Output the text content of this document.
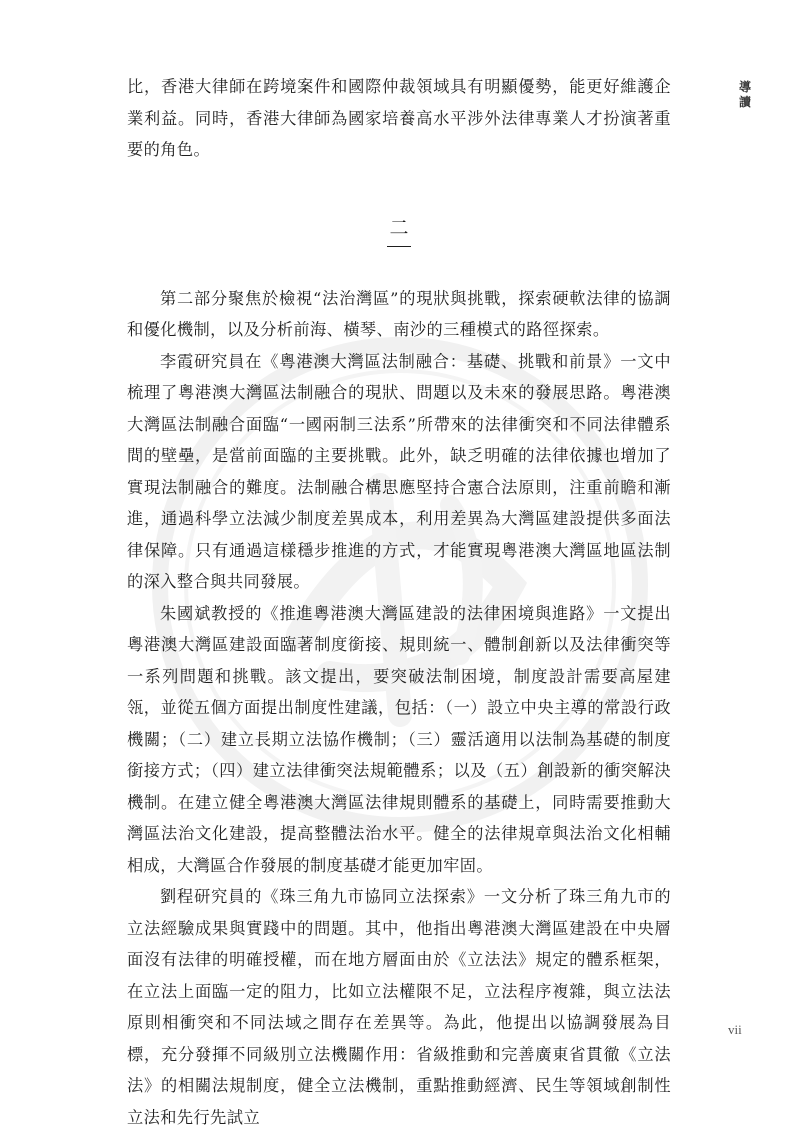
導讀

比，香港大律師在跨境案件和國際仲裁領域具有明顯優勢，能更好維護企業利益。同時，香港大律師為國家培養高水平涉外法律專業人才扮演著重要的角色。

二

第二部分聚焦於檢視“法治灣區”的現狀與挑戰，探索硬軟法律的協調和優化機制，以及分析前海、橫琴、南沙的三種模式的路徑探索。

李霞研究員在《粵港澳大灣區法制融合：基礎、挑戰和前景》一文中梳理了粵港澳大灣區法制融合的現狀、問題以及未來的發展思路。粵港澳大灣區法制融合面臨“一國兩制三法系”所帶來的法律衝突和不同法律體系間的壁壘，是當前面臨的主要挑戰。此外，缺乏明確的法律依據也增加了實現法制融合的難度。法制融合構思應堅持合憲合法原則，注重前瞻和漸進，通過科學立法減少制度差異成本，利用差異為大灣區建設提供多面法律保障。只有通過這樣穩步推進的方式，才能實現粵港澳大灣區地區法制的深入整合與共同發展。

朱國斌教授的《推進粵港澳大灣區建設的法律困境與進路》一文提出粵港澳大灣區建設面臨著制度銜接、規則統一、體制創新以及法律衝突等一系列問題和挑戰。該文提出，要突破法制困境，制度設計需要高屋建瓴，並從五個方面提出制度性建議，包括：（一）設立中央主導的常設行政機關；（二）建立長期立法協作機制；（三）靈活適用以法制為基礎的制度銜接方式；（四）建立法律衝突法規範體系；以及（五）創設新的衝突解決機制。在建立健全粵港澳大灣區法律規則體系的基礎上，同時需要推動大灣區法治文化建設，提高整體法治水平。健全的法律規章與法治文化相輔相成，大灣區合作發展的制度基礎才能更加牢固。

劉程研究員的《珠三角九市協同立法探索》一文分析了珠三角九市的立法經驗成果與實踐中的問題。其中，他指出粵港澳大灣區建設在中央層面沒有法律的明確授權，而在地方層面由於《立法法》規定的體系框架，在立法上面臨一定的阻力，比如立法權限不足，立法程序複雜，與立法法原則相衝突和不同法域之間存在差異等。為此，他提出以協調發展為目標，充分發揮不同級別立法機關作用：省級推動和完善廣東省貫徹《立法法》的相關法規制度，健全立法機制，重點推動經濟、民生等領域創制性立法和先行先試立

vii
